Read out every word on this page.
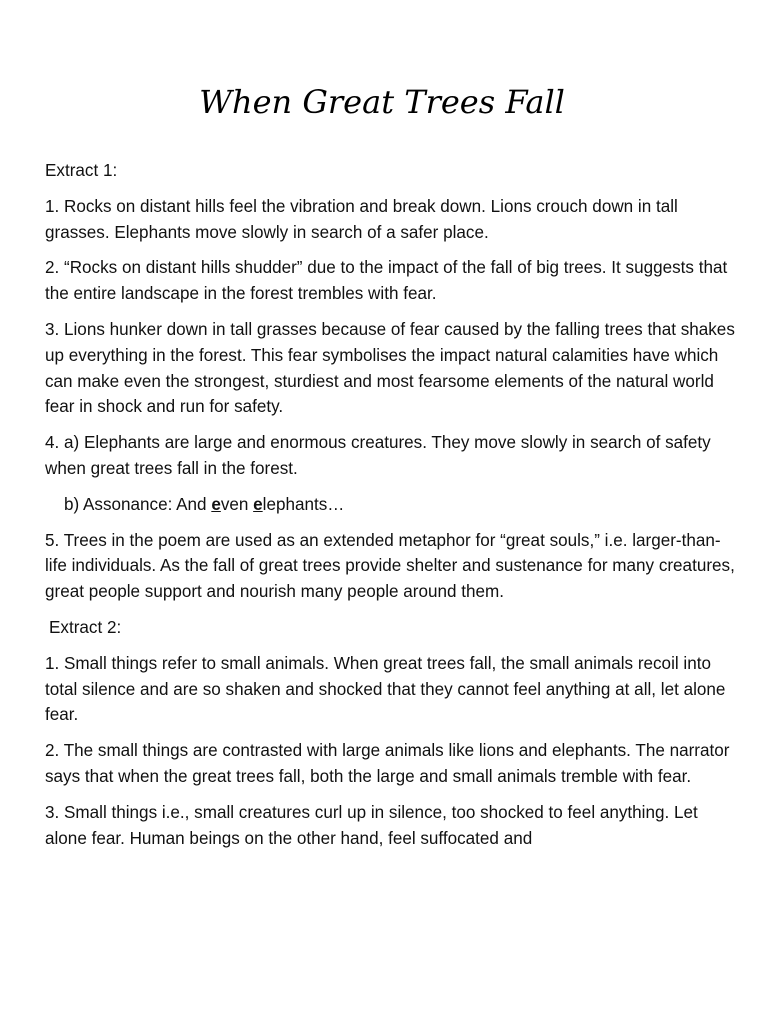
When Great Trees Fall

Extract 1:

1. Rocks on distant hills feel the vibration and break down. Lions crouch down in tall grasses. Elephants move slowly in search of a safer place.

2. “Rocks on distant hills shudder” due to the impact of the fall of big trees. It suggests that the entire landscape in the forest trembles with fear.

3. Lions hunker down in tall grasses because of fear caused by the falling trees that shakes up everything in the forest. This fear symbolises the impact natural calamities have which can make even the strongest, sturdiest and most fearsome elements of the natural world fear in shock and run for safety.

4. a) Elephants are large and enormous creatures. They move slowly in search of safety when great trees fall in the forest.

b) Assonance: And even elephants…

5. Trees in the poem are used as an extended metaphor for “great souls,” i.e. larger-than-life individuals. As the fall of great trees provide shelter and sustenance for many creatures, great people support and nourish many people around them.

Extract 2:

1. Small things refer to small animals. When great trees fall, the small animals recoil into total silence and are so shaken and shocked that they cannot feel anything at all, let alone fear.

2. The small things are contrasted with large animals like lions and elephants. The narrator says that when the great trees fall, both the large and small animals tremble with fear.

3. Small things i.e., small creatures curl up in silence, too shocked to feel anything. Let alone fear. Human beings on the other hand, feel suffocated and
